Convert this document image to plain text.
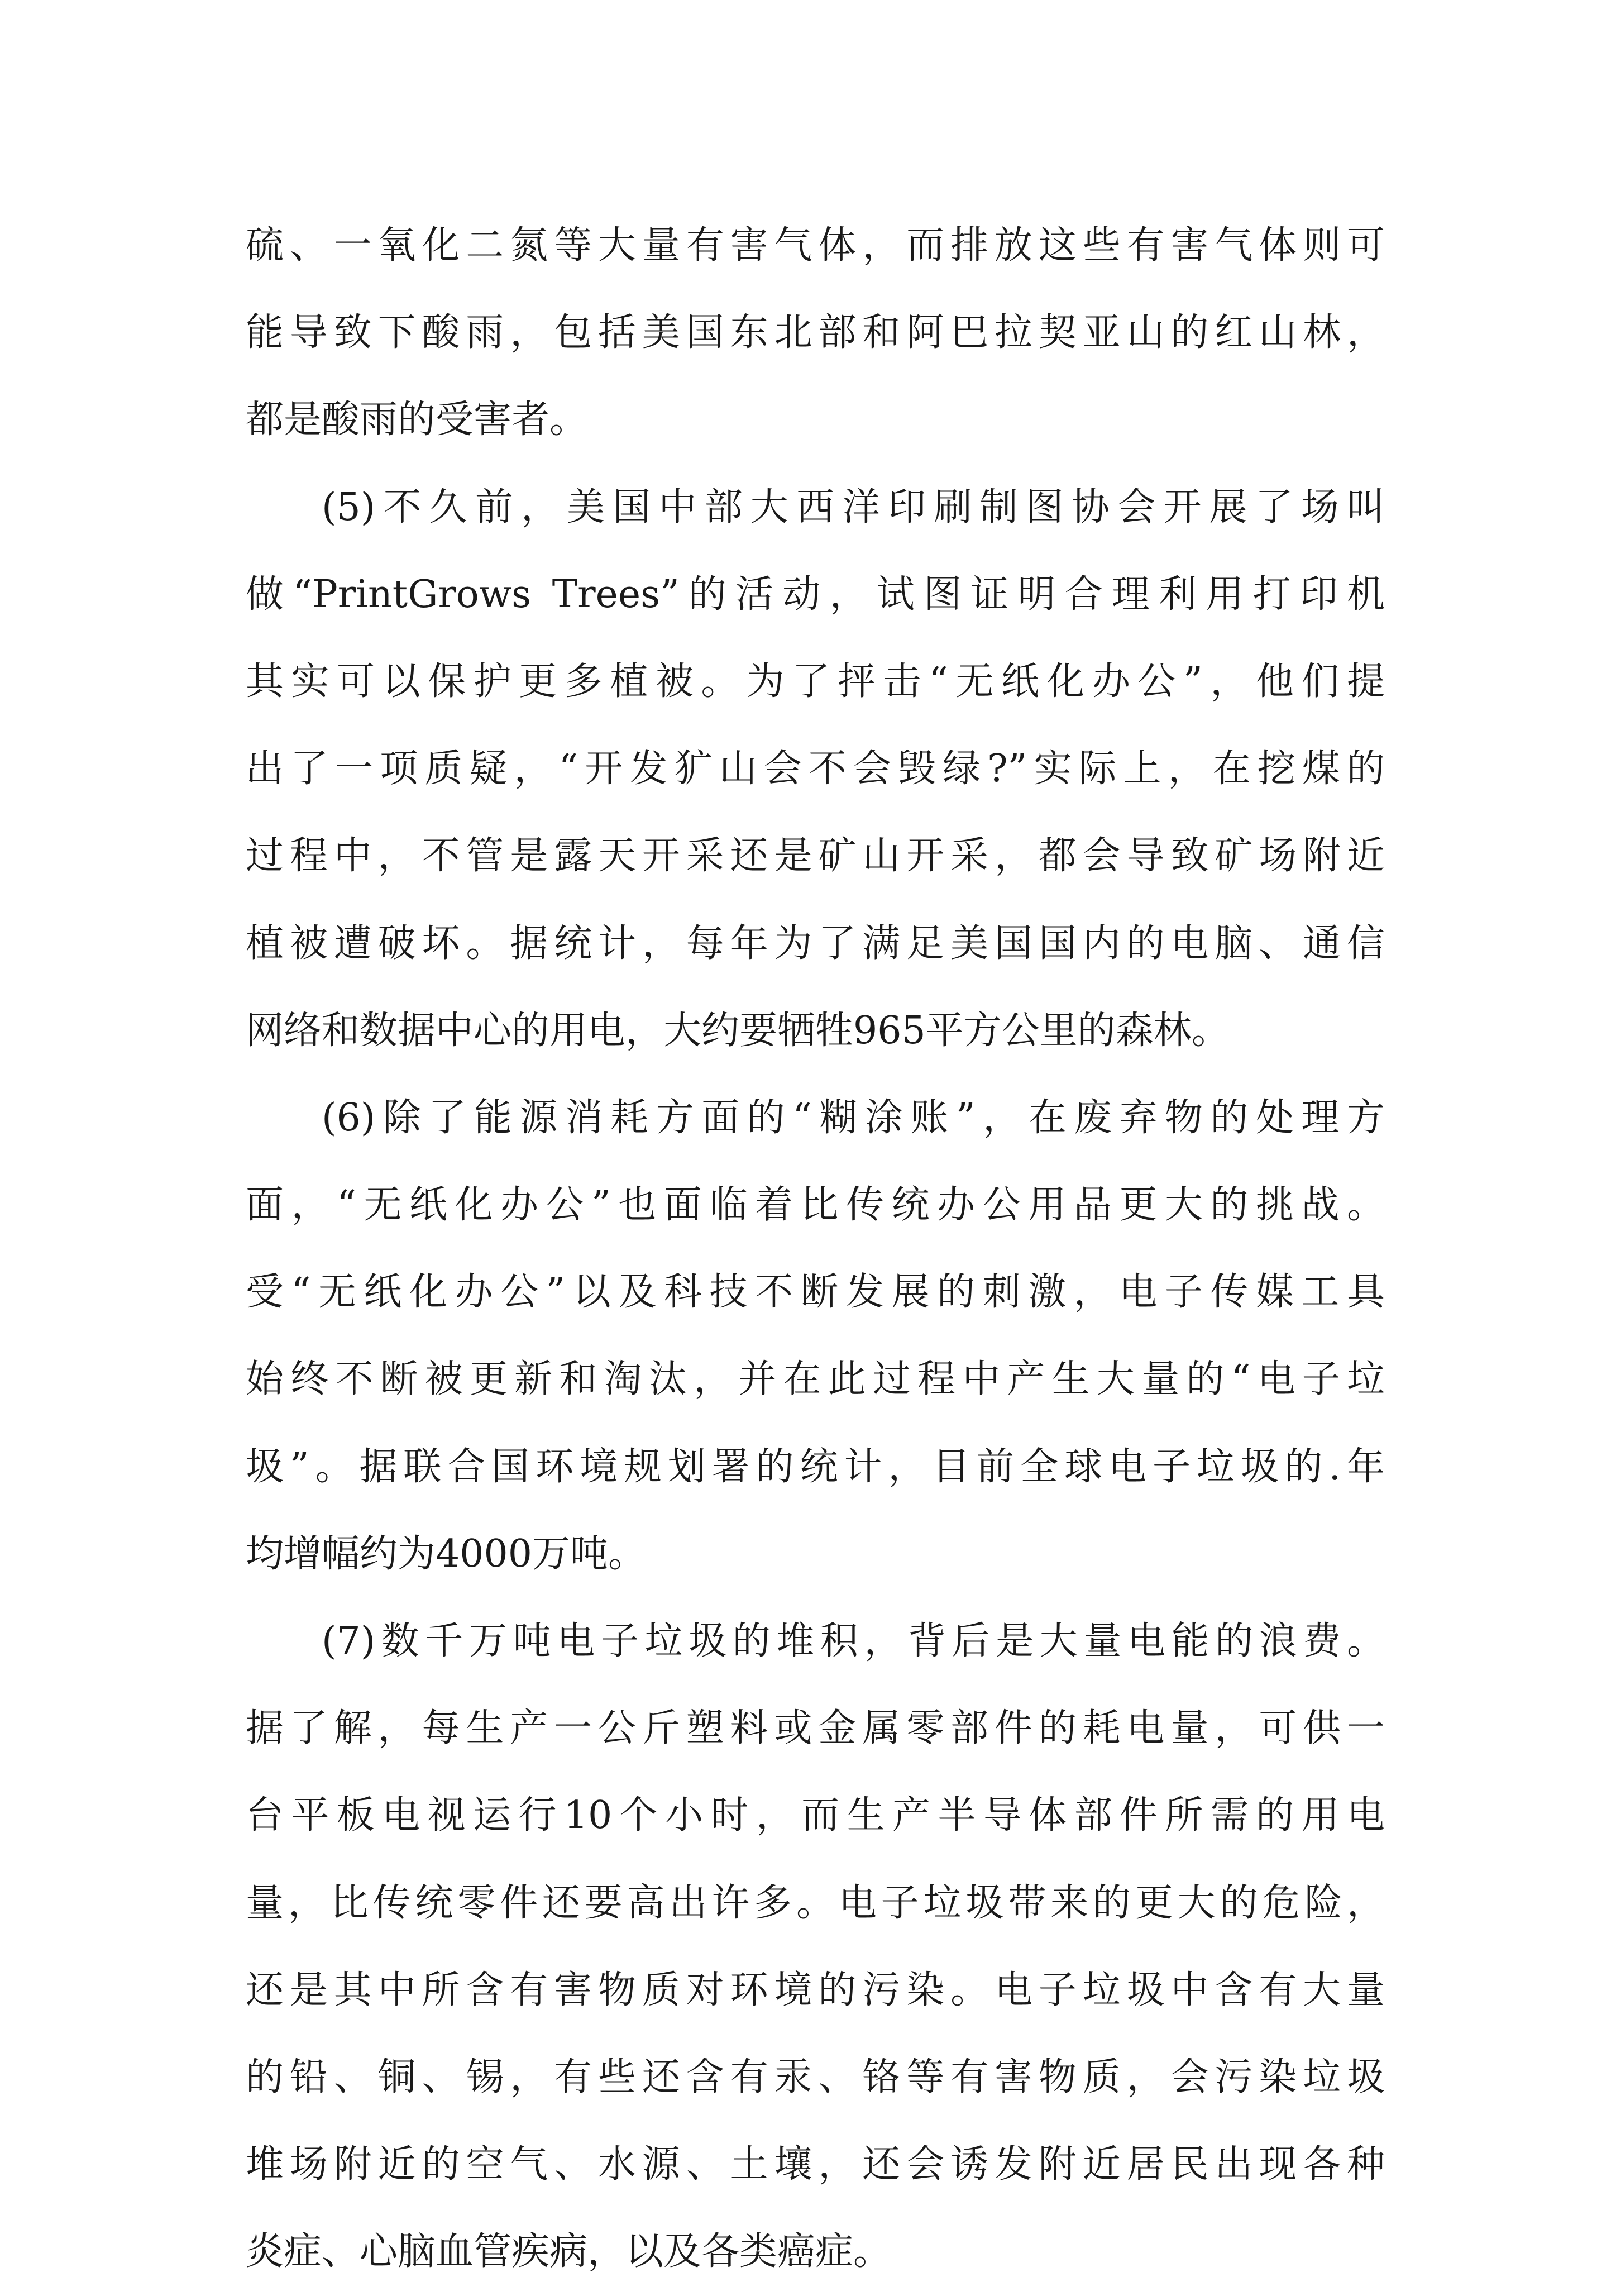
硫、一氧化二氮等大量有害气体，而排放这些有害气体则可
能导致下酸雨，包括美国东北部和阿巴拉契亚山的红山林，
都是酸雨的受害者。
(5)不久前，美国中部大西洋印刷制图协会开展了场叫
做“PrintGrows Trees”的活动，试图证明合理利用打印机
其实可以保护更多植被。为了抨击“无纸化办公”，他们提
出了一项质疑，“开发犷山会不会毁绿?”实际上，在挖煤的
过程中，不管是露天开采还是矿山开采，都会导致矿场附近
植被遭破坏。据统计，每年为了满足美国国内的电脑、通信
网络和数据中心的用电，大约要牺牲965平方公里的森林。
(6)除了能源消耗方面的“糊涂账”，在废弃物的处理方
面，“无纸化办公”也面临着比传统办公用品更大的挑战。
受“无纸化办公”以及科技不断发展的刺激，电子传媒工具
始终不断被更新和淘汰，并在此过程中产生大量的“电子垃
圾”。据联合国环境规划署的统计，目前全球电子垃圾的.年
均增幅约为4000万吨。
(7)数千万吨电子垃圾的堆积，背后是大量电能的浪费。
据了解，每生产一公斤塑料或金属零部件的耗电量，可供一
台平板电视运行10个小时，而生产半导体部件所需的用电
量，比传统零件还要高出许多。电子垃圾带来的更大的危险，
还是其中所含有害物质对环境的污染。电子垃圾中含有大量
的铅、铜、锡，有些还含有汞、铬等有害物质，会污染垃圾
堆场附近的空气、水源、土壤，还会诱发附近居民出现各种
炎症、心脑血管疾病，以及各类癌症。
